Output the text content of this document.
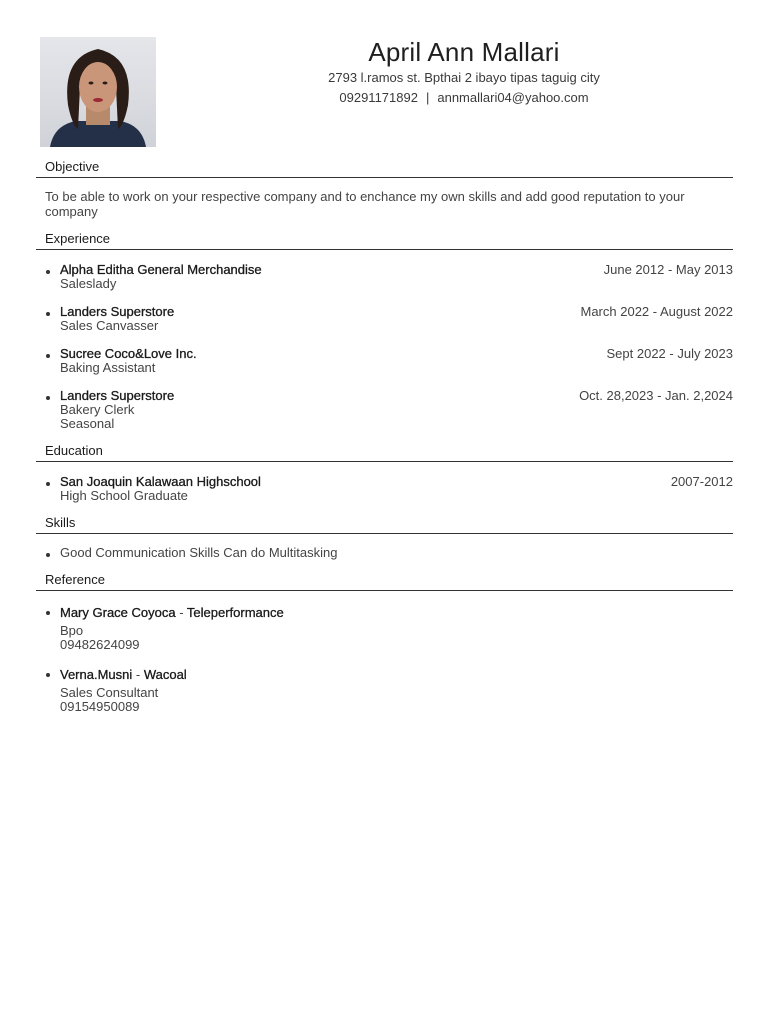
April Ann Mallari
2793 l.ramos st. Bpthai 2 ibayo tipas taguig city
09291171892 | annmallari04@yahoo.com
Objective
To be able to work on your respective company and to enchance my own skills and add good reputation to your company
Experience
Alpha Editha General Merchandise	June 2012 - May 2013
Saleslady
Landers Superstore	March 2022 - August 2022
Sales Canvasser
Sucree Coco&Love Inc.	Sept 2022 - July 2023
Baking Assistant
Landers Superstore	Oct. 28,2023 - Jan. 2,2024
Bakery Clerk
Seasonal
Education
San Joaquin Kalawaan Highschool	2007-2012
High School Graduate
Skills
Good Communication Skills Can do Multitasking
Reference
Mary Grace Coyoca - Teleperformance
Bpo
09482624099
Verna.Musni - Wacoal
Sales Consultant
09154950089
